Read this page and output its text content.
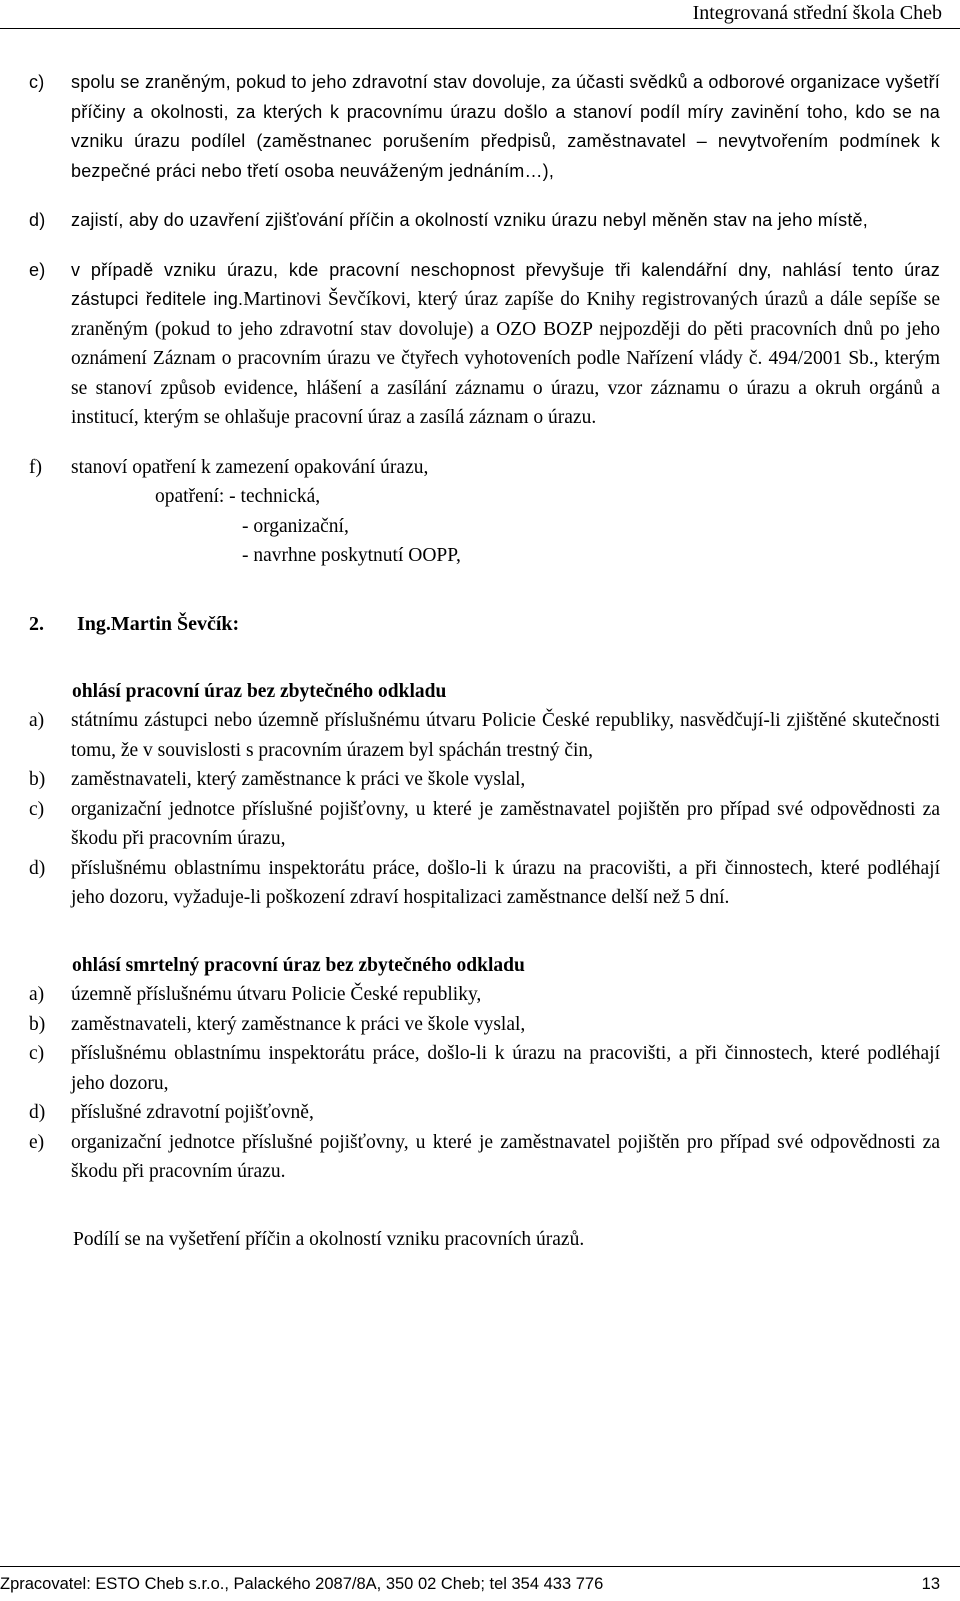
Integrovaná střední škola Cheb
c) spolu se zraněným, pokud to jeho zdravotní stav dovoluje, za účasti svědků a odborové organizace vyšetří příčiny a okolnosti, za kterých k pracovnímu úrazu došlo a stanoví podíl míry zavinění toho, kdo se na vzniku úrazu podílel (zaměstnanec porušením předpisů, zaměstnavatel – nevytvořením podmínek k bezpečné práci nebo třetí osoba neuváženým jednáním…),
d) zajistí, aby do uzavření zjišťování příčin a okolností vzniku úrazu nebyl měněn stav na jeho místě,
e) v případě vzniku úrazu, kde pracovní neschopnost převyšuje tři kalendářní dny, nahlásí tento úraz zástupci ředitele ing.Martinovi Ševčíkovi, který úraz zapíše do Knihy registrovaných úrazů a dále sepíše se zraněným (pokud to jeho zdravotní stav dovoluje) a OZO BOZP nejpozději do pěti pracovních dnů po jeho oznámení Záznam o pracovním úrazu ve čtyřech vyhotoveních podle Nařízení vlády č. 494/2001 Sb., kterým se stanoví způsob evidence, hlášení a zasílání záznamu o úrazu, vzor záznamu o úrazu a okruh orgánů a institucí, kterým se ohlašuje pracovní úraz a zasílá záznam o úrazu.
f) stanoví opatření k zamezení opakování úrazu,
opatření: - technická,
- organizační,
- navrhne poskytnutí OOPP,
2. Ing.Martin Ševčík:
ohlásí pracovní úraz bez zbytečného odkladu
a) státnímu zástupci nebo územně příslušnému útvaru Policie České republiky, nasvědčují-li zjištěné skutečnosti tomu, že v souvislosti s pracovním úrazem byl spáchán trestný čin,
b) zaměstnavateli, který zaměstnance k práci ve škole vyslal,
c) organizační jednotce příslušné pojišťovny, u které je zaměstnavatel pojištěn pro případ své odpovědnosti za škodu při pracovním úrazu,
d) příslušnému oblastnímu inspektorátu práce, došlo-li k úrazu na pracovišti, a při činnostech, které podléhají jeho dozoru, vyžaduje-li poškození zdraví hospitalizaci zaměstnance delší než 5 dní.
ohlásí smrtelný pracovní úraz bez zbytečného odkladu
a) územně příslušnému útvaru Policie České republiky,
b) zaměstnavateli, který zaměstnance k práci ve škole vyslal,
c) příslušnému oblastnímu inspektorátu práce, došlo-li k úrazu na pracovišti, a při činnostech, které podléhají jeho dozoru,
d) příslušné zdravotní pojišťovně,
e) organizační jednotce příslušné pojišťovny, u které je zaměstnavatel pojištěn pro případ své odpovědnosti za škodu při pracovním úrazu.
Podílí se na vyšetření příčin a okolností vzniku pracovních úrazů.
Zpracovatel: ESTO Cheb s.r.o., Palackého 2087/8A, 350 02 Cheb; tel 354 433 776	13
